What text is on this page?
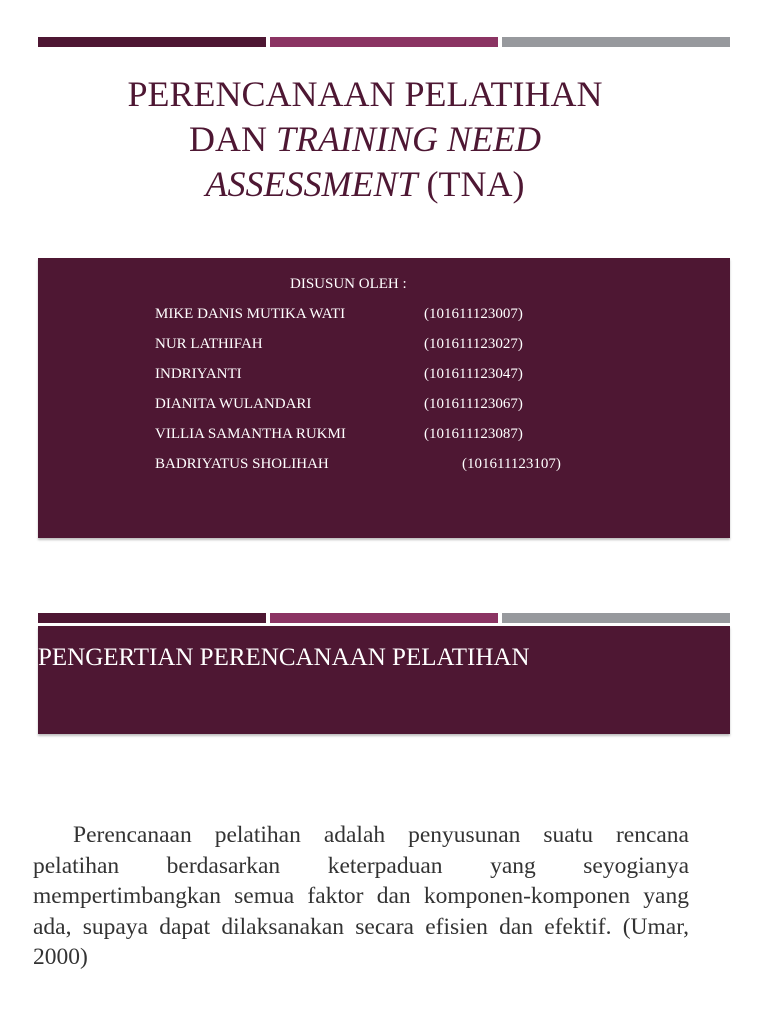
PERENCANAAN PELATIHAN
DAN TRAINING NEED
ASSESSMENT (TNA)
DISUSUN OLEH :
MIKE DANIS MUTIKA WATI	(101611123007)
NUR LATHIFAH	(101611123027)
INDRIYANTI	(101611123047)
DIANITA WULANDARI	(101611123067)
VILLIA SAMANTHA RUKMI	(101611123087)
BADRIYATUS SHOLIHAH	(101611123107)
PENGERTIAN PERENCANAAN PELATIHAN

Perencanaan pelatihan adalah penyusunan suatu rencana pelatihan berdasarkan keterpaduan yang seyogianya mempertimbangkan semua faktor dan komponen-komponen yang ada, supaya dapat dilaksanakan secara efisien dan efektif. (Umar, 2000)
